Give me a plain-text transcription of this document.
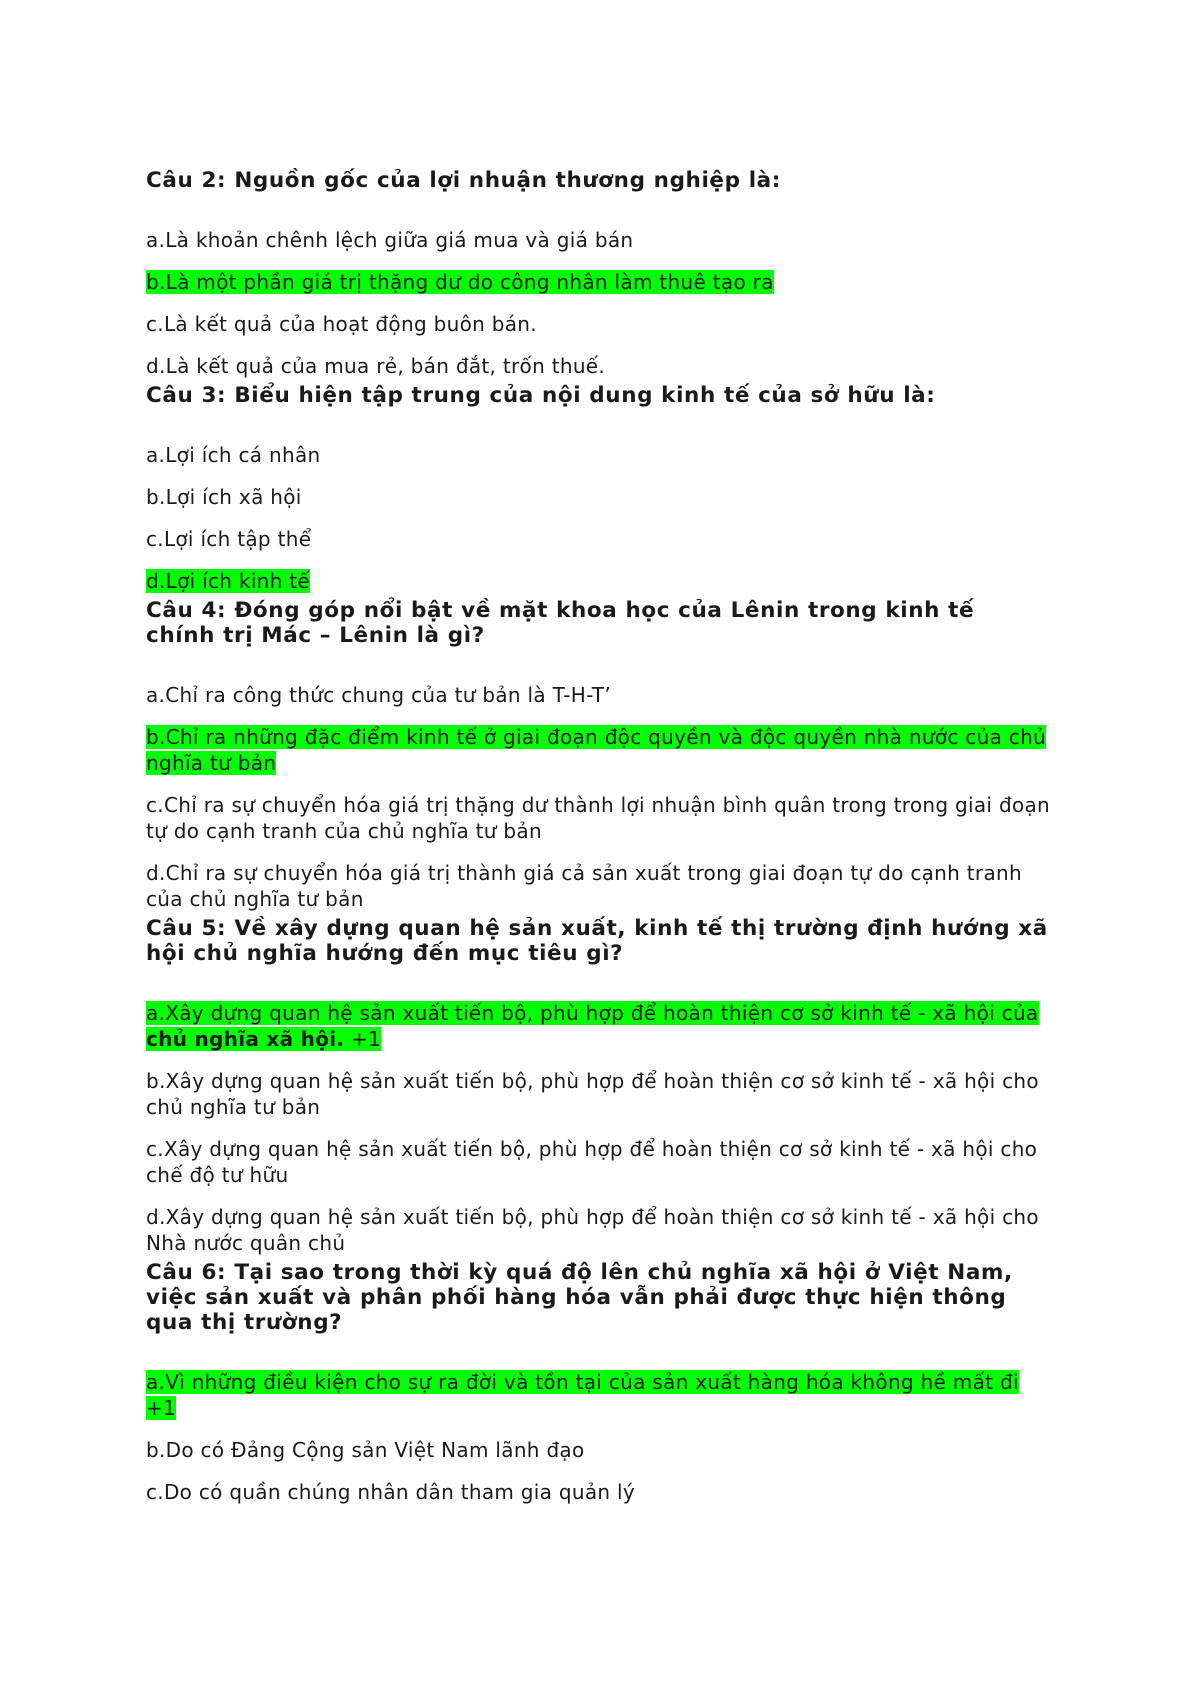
Câu 2: Nguồn gốc của lợi nhuận thương nghiệp là:
a.Là khoản chênh lệch giữa giá mua và giá bán
b.Là một phần giá trị thặng dư do công nhân làm thuê tạo ra
c.Là kết quả của hoạt động buôn bán.
d.Là kết quả của mua rẻ, bán đắt, trốn thuế.
Câu 3: Biểu hiện tập trung của nội dung kinh tế của sở hữu là:
a.Lợi ích cá nhân
b.Lợi ích xã hội
c.Lợi ích tập thể
d.Lợi ích kinh tế
Câu 4: Đóng góp nổi bật về mặt khoa học của Lênin trong kinh tế chính trị Mác – Lênin là gì?
a.Chỉ ra công thức chung của tư bản là T-H-T’
b.Chỉ ra những đặc điểm kinh tế ở giai đoạn độc quyền và độc quyền nhà nước của chủ nghĩa tư bản
c.Chỉ ra sự chuyển hóa giá trị thặng dư thành lợi nhuận bình quân trong trong giai đoạn tự do cạnh tranh của chủ nghĩa tư bản
d.Chỉ ra sự chuyển hóa giá trị thành giá cả sản xuất trong giai đoạn tự do cạnh tranh của chủ nghĩa tư bản
Câu 5: Về xây dựng quan hệ sản xuất, kinh tế thị trường định hướng xã hội chủ nghĩa hướng đến mục tiêu gì?
a.Xây dựng quan hệ sản xuất tiến bộ, phù hợp để hoàn thiện cơ sở kinh tế - xã hội của chủ nghĩa xã hội. +1
b.Xây dựng quan hệ sản xuất tiến bộ, phù hợp để hoàn thiện cơ sở kinh tế - xã hội cho chủ nghĩa tư bản
c.Xây dựng quan hệ sản xuất tiến bộ, phù hợp để hoàn thiện cơ sở kinh tế - xã hội cho chế độ tư hữu
d.Xây dựng quan hệ sản xuất tiến bộ, phù hợp để hoàn thiện cơ sở kinh tế - xã hội cho Nhà nước quân chủ
Câu 6: Tại sao trong thời kỳ quá độ lên chủ nghĩa xã hội ở Việt Nam, việc sản xuất và phân phối hàng hóa vẫn phải được thực hiện thông qua thị trường?
a.Vì những điều kiện cho sự ra đời và tồn tại của sản xuất hàng hóa không hề mất đi +1
b.Do có Đảng Cộng sản Việt Nam lãnh đạo
c.Do có quần chúng nhân dân tham gia quản lý
